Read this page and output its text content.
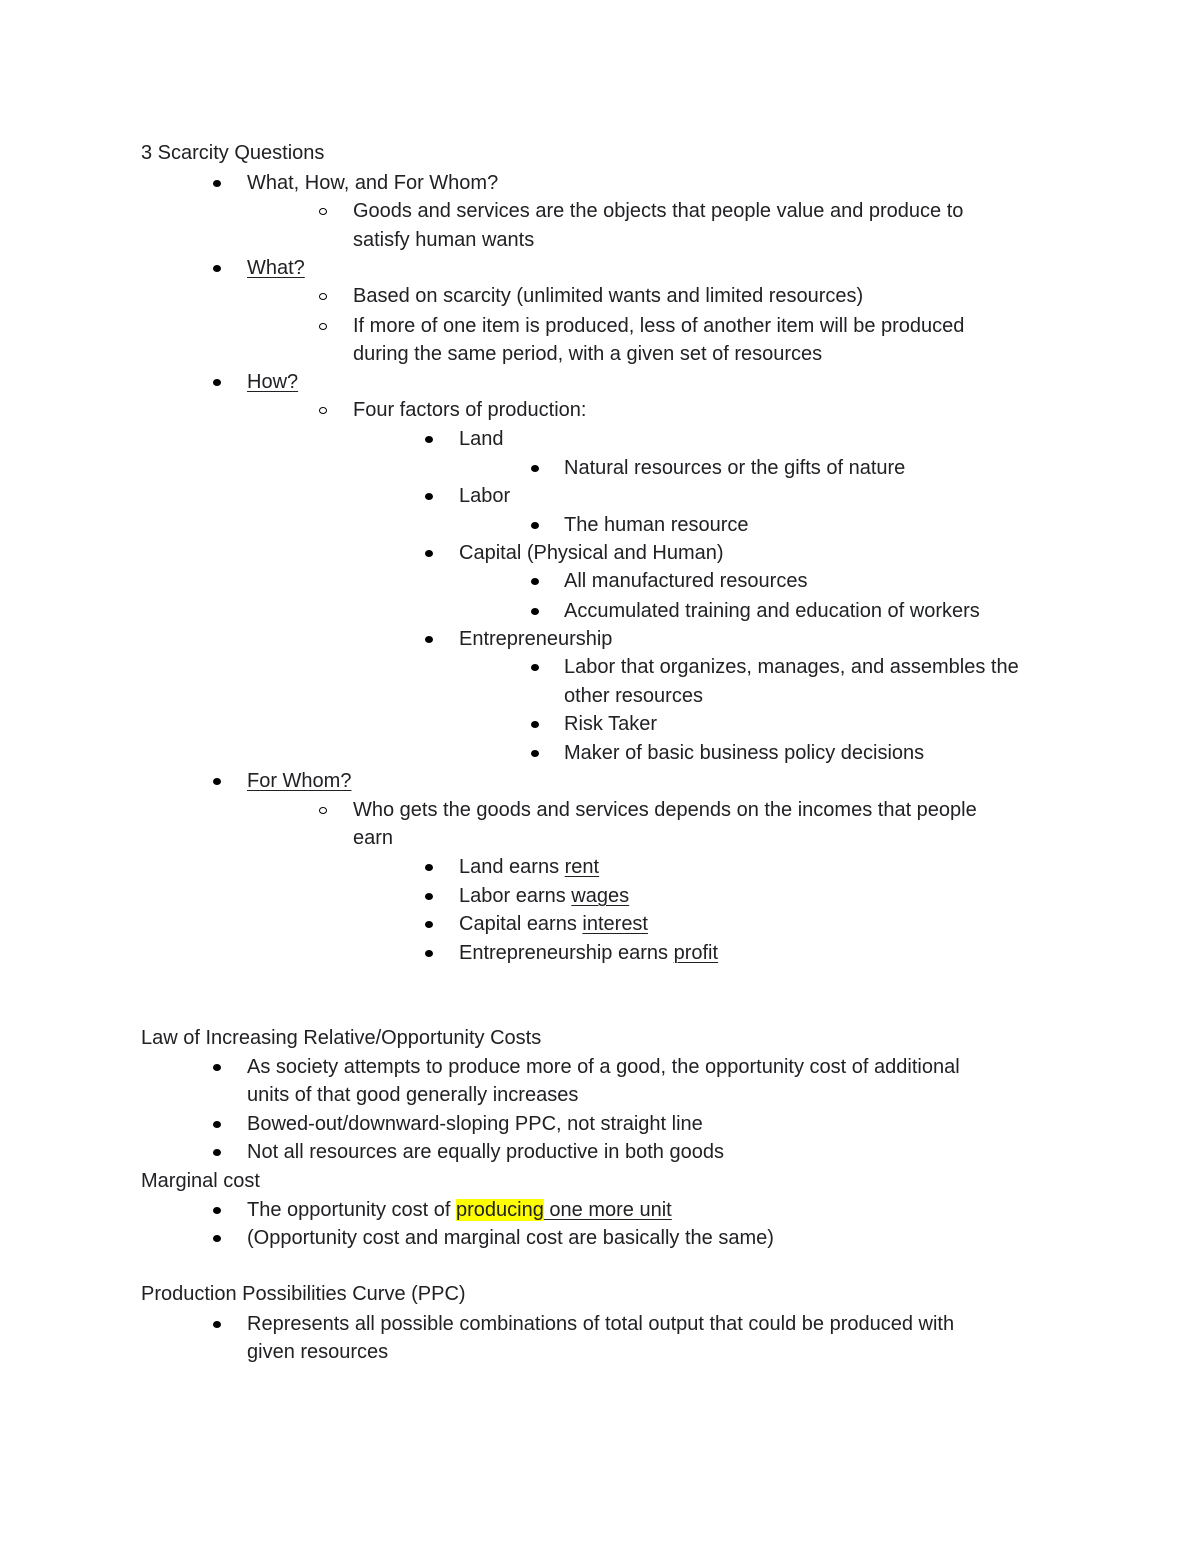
3 Scarcity Questions
What, How, and For Whom?
Goods and services are the objects that people value and produce to
satisfy human wants
What?
Based on scarcity (unlimited wants and limited resources)
If more of one item is produced, less of another item will be produced
during the same period, with a given set of resources
How?
Four factors of production:
Land
Natural resources or the gifts of nature
Labor
The human resource
Capital (Physical and Human)
All manufactured resources
Accumulated training and education of workers
Entrepreneurship
Labor that organizes, manages, and assembles the
other resources
Risk Taker
Maker of basic business policy decisions
For Whom?
Who gets the goods and services depends on the incomes that people
earn
Land earns rent
Labor earns wages
Capital earns interest
Entrepreneurship earns profit
Law of Increasing Relative/Opportunity Costs
As society attempts to produce more of a good, the opportunity cost of additional
units of that good generally increases
Bowed-out/downward-sloping PPC, not straight line
Not all resources are equally productive in both goods
Marginal cost
The opportunity cost of producing one more unit
(Opportunity cost and marginal cost are basically the same)
Production Possibilities Curve (PPC)
Represents all possible combinations of total output that could be produced with
given resources
